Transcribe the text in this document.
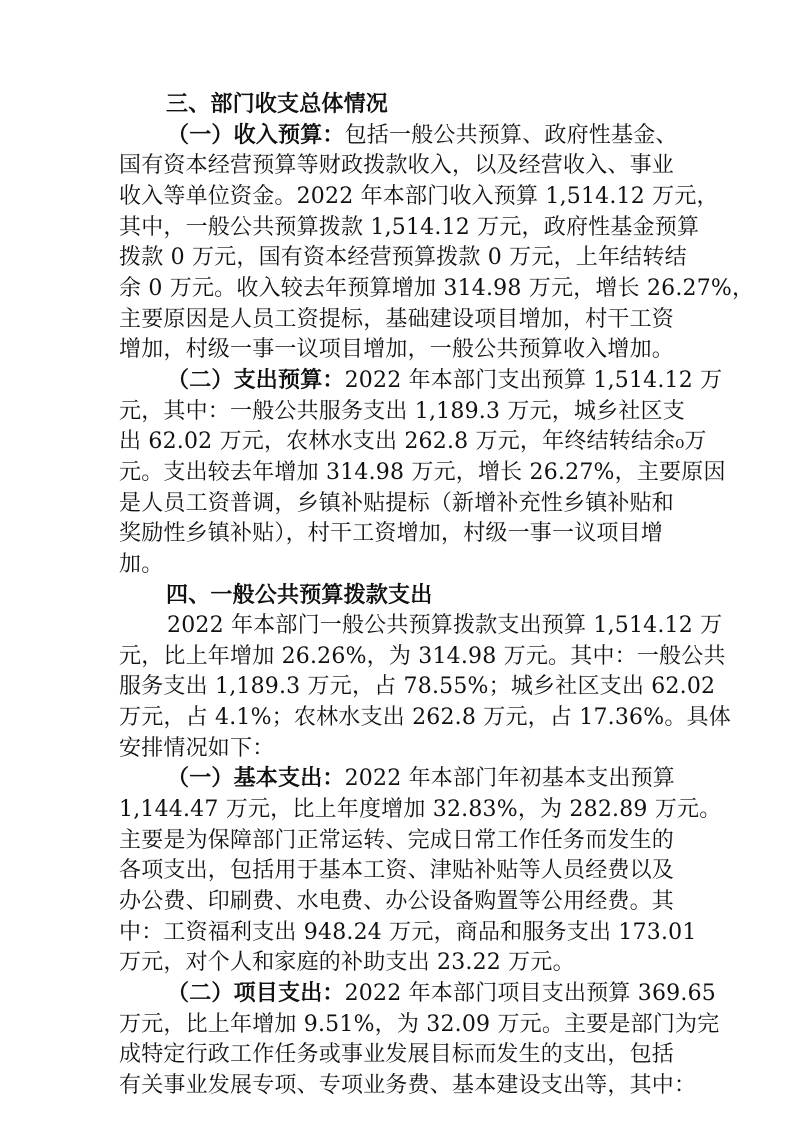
三、部门收支总体情况
（一）收入预算：包括一般公共预算、政府性基金、
国有资本经营预算等财政拨款收入，以及经营收入、事业
收入等单位资金。2022 年本部门收入预算 1,514.12 万元，
其中，一般公共预算拨款 1,514.12 万元，政府性基金预算
拨款 0 万元，国有资本经营预算拨款 0 万元，上年结转结
余 0 万元。收入较去年预算增加 314.98 万元，增长 26.27%，
主要原因是人员工资提标，基础建设项目增加，村干工资
增加，村级一事一议项目增加，一般公共预算收入增加。
（二）支出预算：2022 年本部门支出预算 1,514.12 万
元，其中：一般公共服务支出 1,189.3 万元，城乡社区支
出 62.02 万元，农林水支出 262.8 万元，年终结转结余₀万
元。支出较去年增加 314.98 万元，增长 26.27%，主要原因
是人员工资普调，乡镇补贴提标（新增补充性乡镇补贴和
奖励性乡镇补贴），村干工资增加，村级一事一议项目增
加。
四、一般公共预算拨款支出
2022 年本部门一般公共预算拨款支出预算 1,514.12 万
元，比上年增加 26.26%，为 314.98 万元。其中：一般公共
服务支出 1,189.3 万元，占 78.55%；城乡社区支出 62.02
万元，占 4.1%；农林水支出 262.8 万元，占 17.36%。具体
安排情况如下：
（一）基本支出：2022 年本部门年初基本支出预算
1,144.47 万元，比上年度增加 32.83%，为 282.89 万元。
主要是为保障部门正常运转、完成日常工作任务而发生的
各项支出，包括用于基本工资、津贴补贴等人员经费以及
办公费、印刷费、水电费、办公设备购置等公用经费。其
中：工资福利支出 948.24 万元，商品和服务支出 173.01
万元，对个人和家庭的补助支出 23.22 万元。
（二）项目支出：2022 年本部门项目支出预算 369.65
万元，比上年增加 9.51%，为 32.09 万元。主要是部门为完
成特定行政工作任务或事业发展目标而发生的支出，包括
有关事业发展专项、专项业务费、基本建设支出等，其中：
